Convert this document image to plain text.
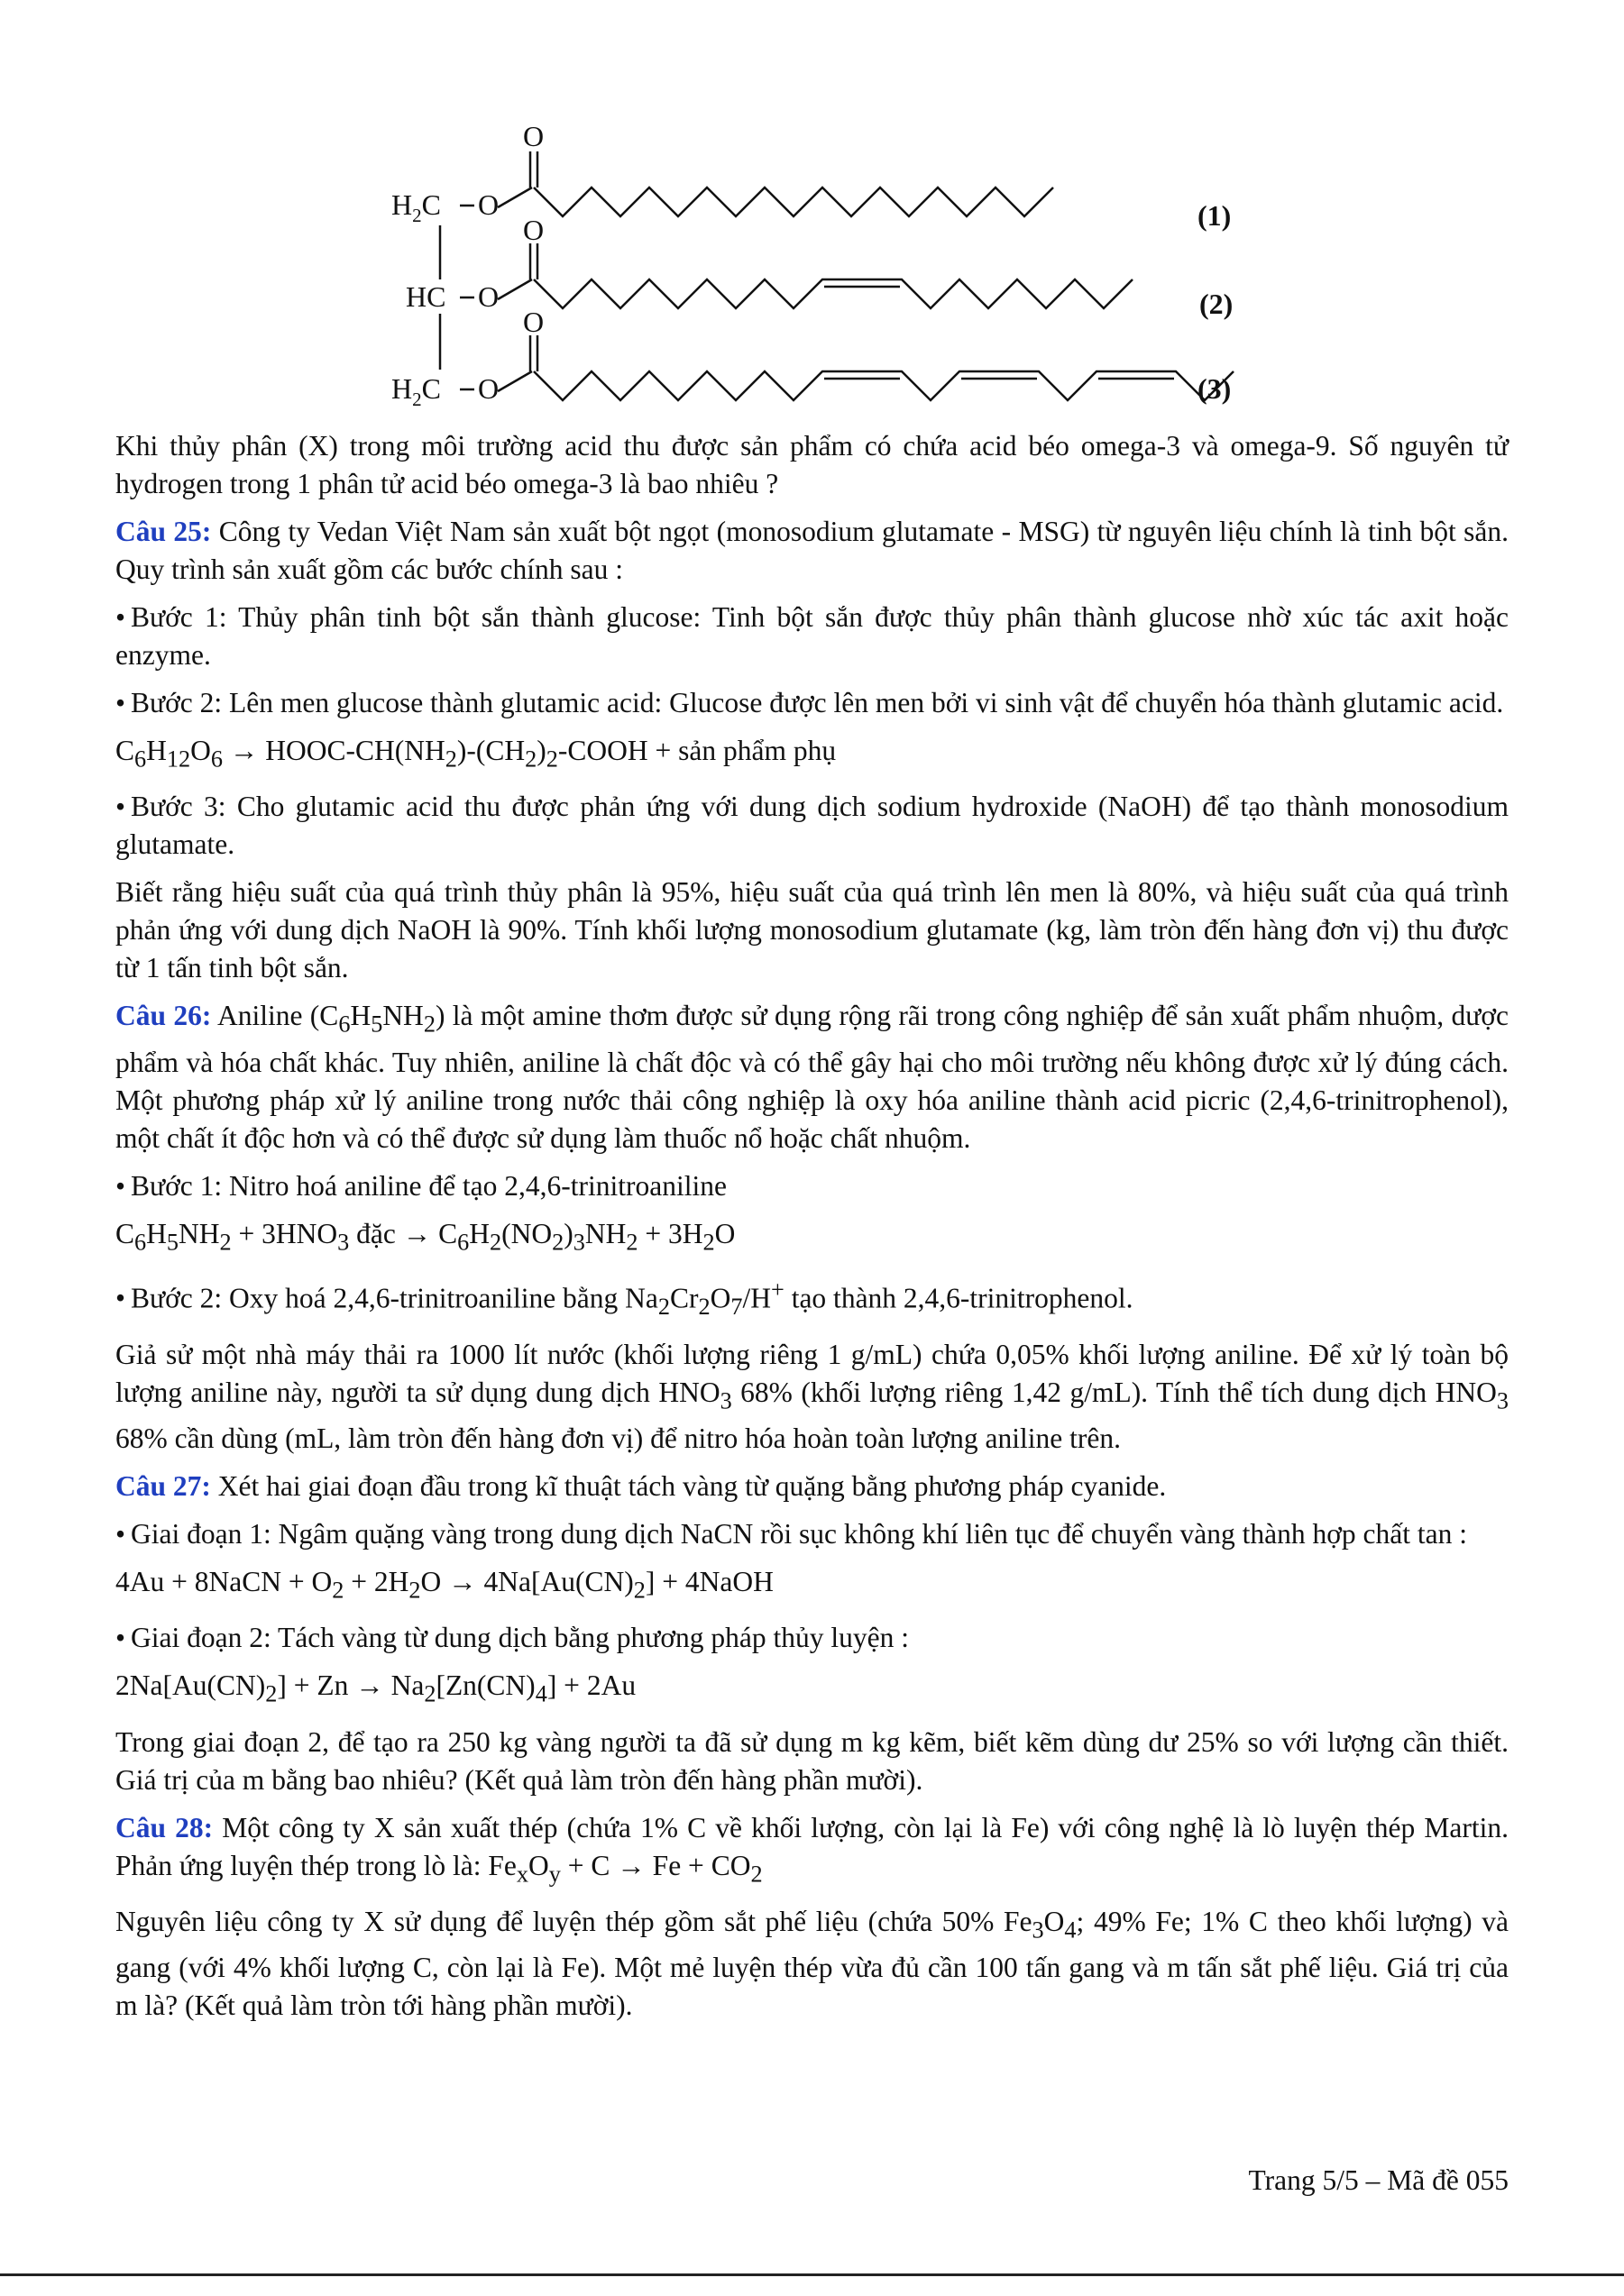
$H_2C$ O
O
(1)
HC O
O
(2)
$H_2C$ O
O
(3)

Khi thủy phân (X) trong môi trường acid thu được sản phẩm có chứa acid béo omega-3 và omega-9. Số nguyên tử hydrogen trong 1 phân tử acid béo omega-3 là bao nhiêu ?

Câu 25: Công ty Vedan Việt Nam sản xuất bột ngọt (monosodium glutamate - MSG) từ nguyên liệu chính là tinh bột sắn. Quy trình sản xuất gồm các bước chính sau :

• Bước 1: Thủy phân tinh bột sắn thành glucose: Tinh bột sắn được thủy phân thành glucose nhờ xúc tác axit hoặc enzyme.

• Bước 2: Lên men glucose thành glutamic acid: Glucose được lên men bởi vi sinh vật để chuyển hóa thành glutamic acid.

$C_6H_{12}O_6$ → HOOC-$CH(NH_2)-(CH_2)_2$-COOH + sản phẩm phụ

• Bước 3: Cho glutamic acid thu được phản ứng với dung dịch sodium hydroxide (NaOH) để tạo thành monosodium glutamate.

Biết rằng hiệu suất của quá trình thủy phân là 95%, hiệu suất của quá trình lên men là 80%, và hiệu suất của quá trình phản ứng với dung dịch NaOH là 90%. Tính khối lượng monosodium glutamate (kg, làm tròn đến hàng đơn vị) thu được từ 1 tấn tinh bột sắn.

Câu 26: Aniline $(C_6H_5NH_2)$ là một amine thơm được sử dụng rộng rãi trong công nghiệp để sản xuất phẩm nhuộm, dược phẩm và hóa chất khác. Tuy nhiên, aniline là chất độc và có thể gây hại cho môi trường nếu không được xử lý đúng cách. Một phương pháp xử lý aniline trong nước thải công nghiệp là oxy hóa aniline thành acid picric (2,4,6-trinitrophenol), một chất ít độc hơn và có thể được sử dụng làm thuốc nổ hoặc chất nhuộm.

• Bước 1: Nitro hoá aniline để tạo 2,4,6-trinitroaniline

$C_6H_5NH_2 + 3HNO_3$ đặc → $C_6H_2(NO_2)_3NH_2 + 3H_2O$

• Bước 2: Oxy hoá 2,4,6-trinitroaniline bằng $Na_2Cr_2O_7/H^+$ tạo thành 2,4,6-trinitrophenol.

Giả sử một nhà máy thải ra 1000 lít nước (khối lượng riêng 1 g/mL) chứa 0,05% khối lượng aniline. Để xử lý toàn bộ lượng aniline này, người ta sử dụng dung dịch $HNO_3$ 68% (khối lượng riêng 1,42 g/mL). Tính thể tích dung dịch $HNO_3$ 68% cần dùng (mL, làm tròn đến hàng đơn vị) để nitro hóa hoàn toàn lượng aniline trên.

Câu 27: Xét hai giai đoạn đầu trong kĩ thuật tách vàng từ quặng bằng phương pháp cyanide.

• Giai đoạn 1: Ngâm quặng vàng trong dung dịch NaCN rồi sục không khí liên tục để chuyển vàng thành hợp chất tan :

4Au + 8NaCN + $O_2 + 2H_2O \to 4Na[Au(CN)_2]$ + 4NaOH

• Giai đoạn 2: Tách vàng từ dung dịch bằng phương pháp thủy luyện :

$2Na[Au(CN)_2] + Zn \to Na_2[Zn(CN)_4] + 2Au$

Trong giai đoạn 2, để tạo ra 250 kg vàng người ta đã sử dụng m kg kẽm, biết kẽm dùng dư 25% so với lượng cần thiết. Giá trị của m bằng bao nhiêu? (Kết quả làm tròn đến hàng phần mười).

Câu 28: Một công ty X sản xuất thép (chứa 1% C về khối lượng, còn lại là Fe) với công nghệ là lò luyện thép Martin. Phản ứng luyện thép trong lò là: $Fe_xO_y + C \to Fe + CO_2$

Nguyên liệu công ty X sử dụng để luyện thép gồm sắt phế liệu (chứa 50% $Fe_3O_4$; 49% Fe; 1% C theo khối lượng) và gang (với 4% khối lượng C, còn lại là Fe). Một mẻ luyện thép vừa đủ cần 100 tấn gang và m tấn sắt phế liệu. Giá trị của m là? (Kết quả làm tròn tới hàng phần mười).

Trang 5/5 – Mã đề 055
